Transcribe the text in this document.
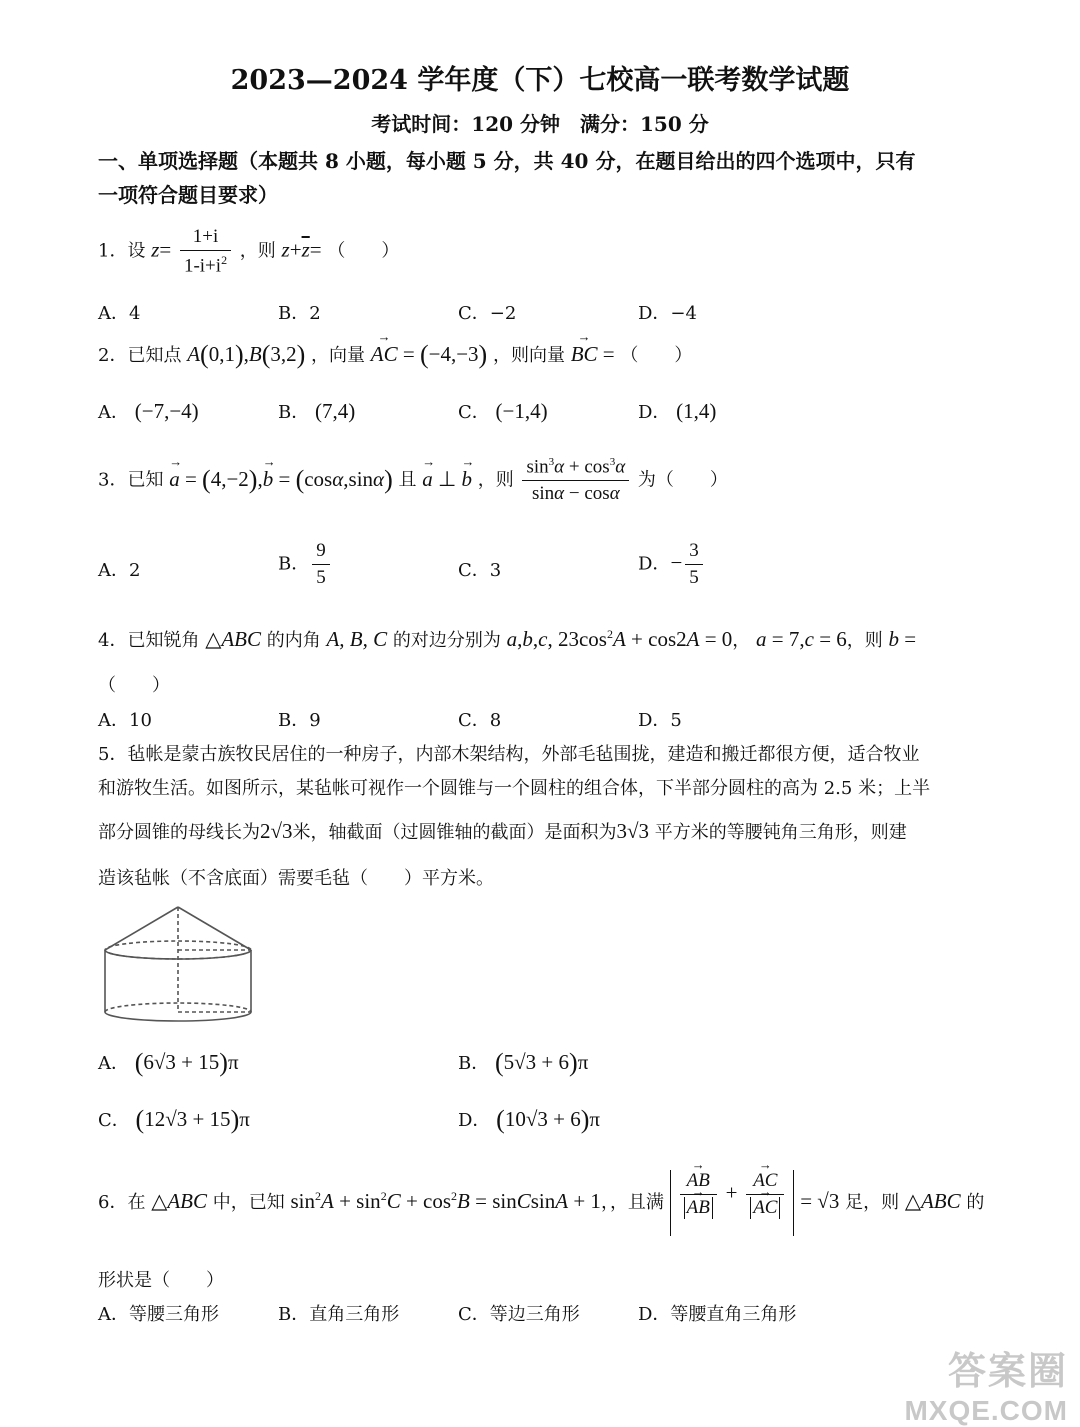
2023—2024 学年度（下）七校高一联考数学试题
考试时间：120 分钟　满分：150 分
一、单项选择题（本题共 8 小题，每小题 5 分，共 40 分，在题目给出的四个选项中，只有
一项符合题目要求）
1．设 $z= \frac{1+i}{1-i+i^2}$ ，则 $z+\overline{z}=$ （　　）
A．4	B．2	C．−2	D．−4
2．已知点 A(0,1),B(3,2) ，向量 → AC = (−4,−3) ，则向量 → BC = （　　）
A． (−7,−4)	B． (7,4)	C． (−1,4)	D． (1,4)
3．已知 → a = (4,−2),→ b = (cosα,sinα) 且 → a ⊥ → b ，则 $\frac{\sin^3\alpha + \cos^3\alpha}{\sin\alpha - \cos\alpha}$ 为（　　）
A．2	B． $\frac{9}{5}$	C．3	D．− $\frac{3}{5}$
4．已知锐角 △ABC 的内角 A, B, C 的对边分别为 a,b,c, $23\cos^2A + \cos 2A = 0$， a = 7,c = 6，则 b =
（　　）
A．10	B．9	C．8	D．5
5．毡帐是蒙古族牧民居住的一种房子，内部木架结构，外部毛毡围拢，建造和搬迁都很方便，适合牧业
和游牧生活。如图所示，某毡帐可视作一个圆锥与一个圆柱的组合体，下半部分圆柱的高为 2.5 米；上半
部分圆锥的母线长为2√3米，轴截面（过圆锥轴的截面）是面积为3√3 平方米的等腰钝角三角形，则建
造该毡帐（不含底面）需要毛毡（　　）平方米。
A． (6√3 + 15)π	B． (5√3 + 6)π
C． (12√3 + 15)π	D． (10√3 + 6)π
6．在 △ABC 中，已知 $\sin^2A + \sin^2C + \cos^2B$ = sinCsinA + 1，，且满 → AB
→ AB + → AC
→ AC = √3 足，则 △ABC 的
形状是（　　）
A．等腰三角形	B．直角三角形	C．等边三角形	D．等腰直角三角形
答案圈
MXQE.COM
